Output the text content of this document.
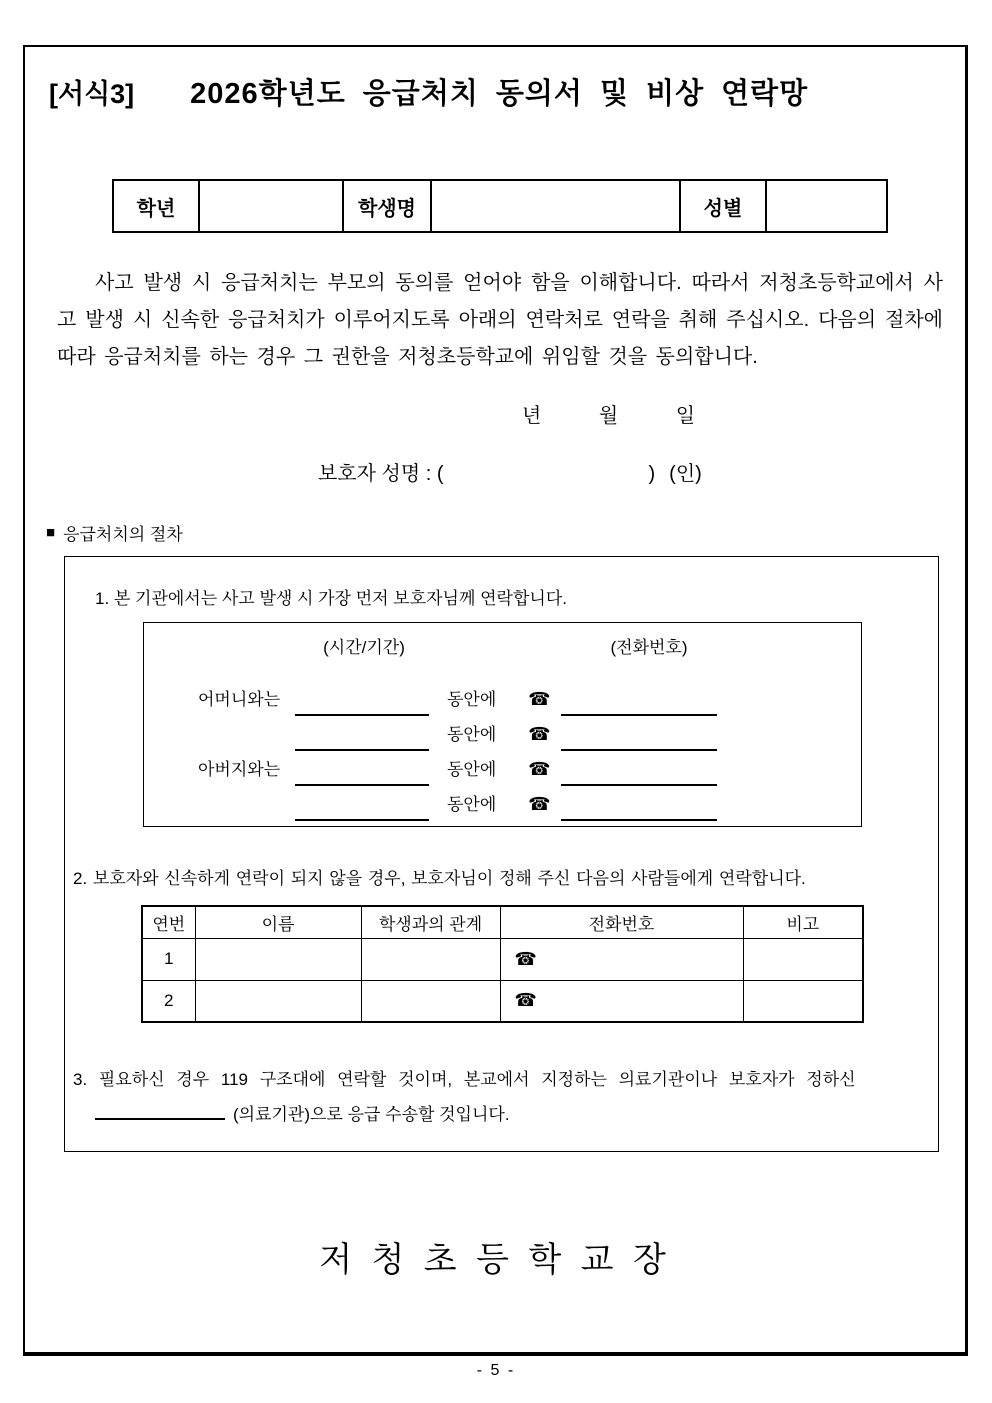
[서식3] 2026학년도 응급처치 동의서 및 비상 연락망
학년		학생명		성별	
사고 발생 시 응급처치는 부모의 동의를 얻어야 함을 이해합니다. 따라서 저청초등학교에서 사고 발생 시 신속한 응급처치가 이루어지도록 아래의 연락처로 연락을 취해 주십시오. 다음의 절차에 따라 응급처치를 하는 경우 그 권한을 저청초등학교에 위임할 것을 동의합니다.
년	월	일
보호자 성명 : (	) (인)
■ 응급처치의 절차
1. 본 기관에서는 사고 발생 시 가장 먼저 보호자님께 연락합니다.
(시간/기간)	(전화번호)
어머니와는	동안에 ☎
동안에 ☎
아버지와는	동안에 ☎
동안에 ☎
2. 보호자와 신속하게 연락이 되지 않을 경우, 보호자님이 정해 주신 다음의 사람들에게 연락합니다.
연번	이름	학생과의 관계	전화번호	비고
1			☎	
2			☎	
3. 필요하신 경우 119 구조대에 연락할 것이며, 본교에서 지정하는 의료기관이나 보호자가 정하신
(의료기관)으로 응급 수송할 것입니다.
저 청 초 등 학 교 장
- 5 -
